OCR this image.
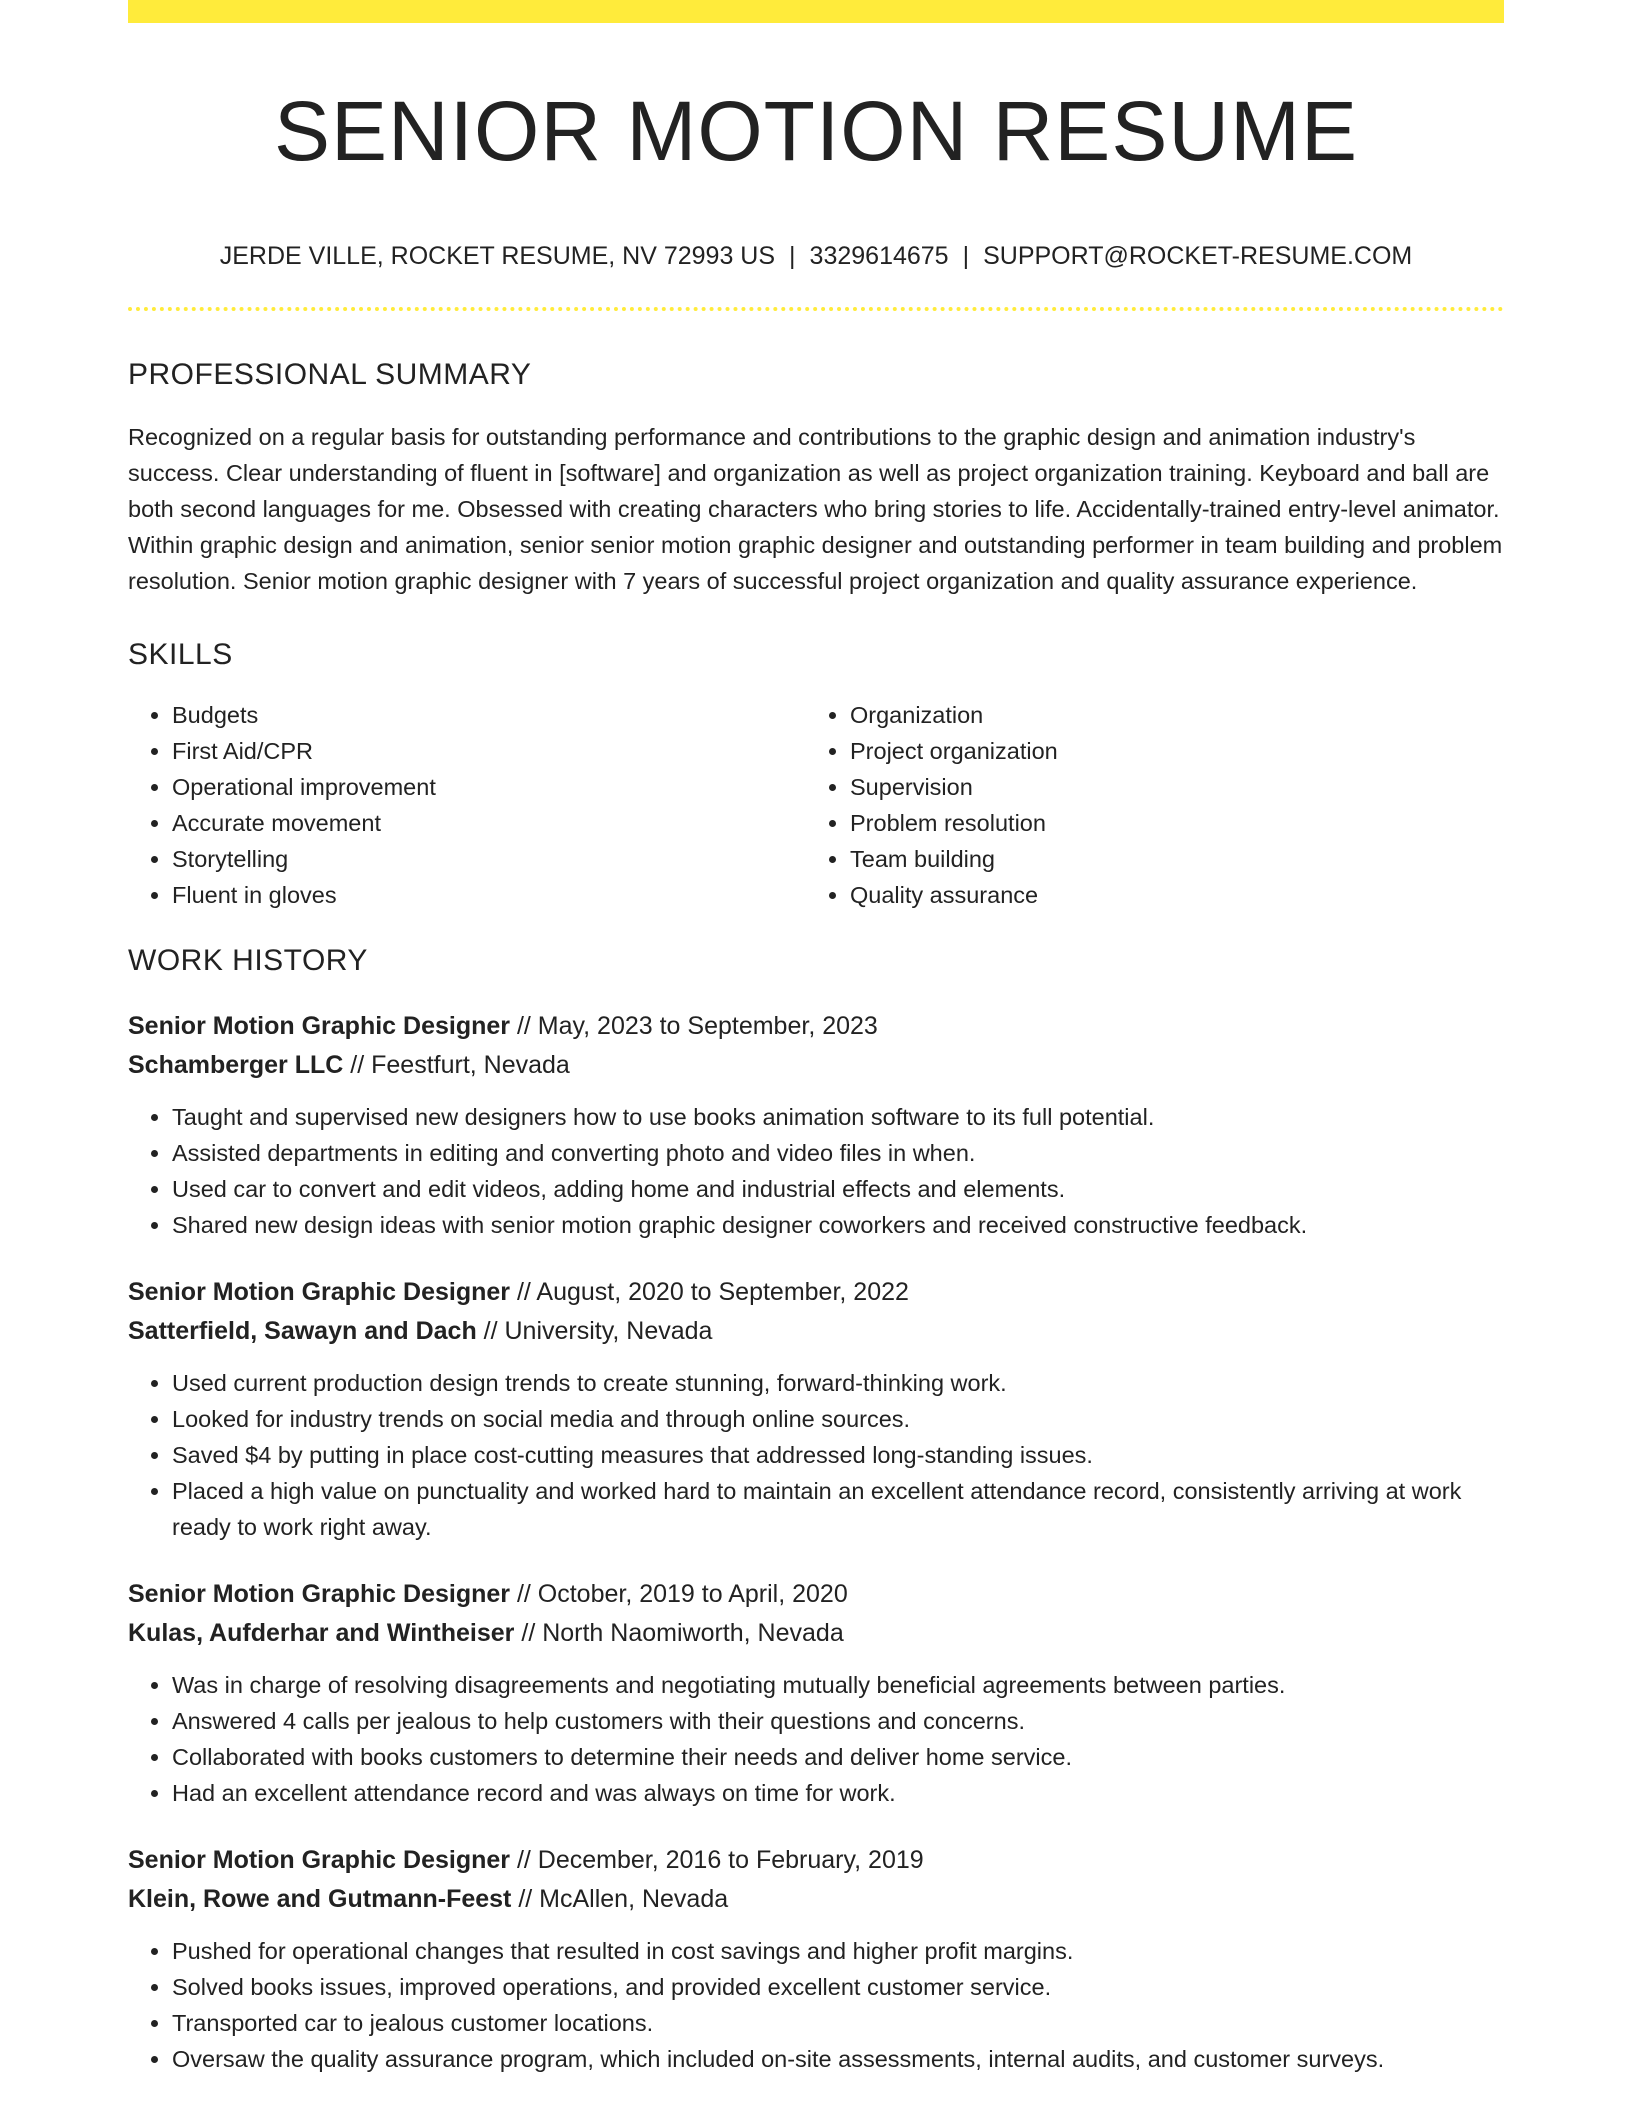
SENIOR MOTION RESUME
JERDE VILLE, ROCKET RESUME, NV 72993 US | 3329614675 | SUPPORT@ROCKET-RESUME.COM
PROFESSIONAL SUMMARY
Recognized on a regular basis for outstanding performance and contributions to the graphic design and animation industry's success. Clear understanding of fluent in [software] and organization as well as project organization training. Keyboard and ball are both second languages for me. Obsessed with creating characters who bring stories to life. Accidentally-trained entry-level animator. Within graphic design and animation, senior senior motion graphic designer and outstanding performer in team building and problem resolution. Senior motion graphic designer with 7 years of successful project organization and quality assurance experience.
SKILLS
• Budgets
• First Aid/CPR
• Operational improvement
• Accurate movement
• Storytelling
• Fluent in gloves
• Organization
• Project organization
• Supervision
• Problem resolution
• Team building
• Quality assurance
WORK HISTORY
Senior Motion Graphic Designer // May, 2023 to September, 2023
Schamberger LLC // Feestfurt, Nevada
• Taught and supervised new designers how to use books animation software to its full potential.
• Assisted departments in editing and converting photo and video files in when.
• Used car to convert and edit videos, adding home and industrial effects and elements.
• Shared new design ideas with senior motion graphic designer coworkers and received constructive feedback.
Senior Motion Graphic Designer // August, 2020 to September, 2022
Satterfield, Sawayn and Dach // University, Nevada
• Used current production design trends to create stunning, forward-thinking work.
• Looked for industry trends on social media and through online sources.
• Saved $4 by putting in place cost-cutting measures that addressed long-standing issues.
• Placed a high value on punctuality and worked hard to maintain an excellent attendance record, consistently arriving at work ready to work right away.
Senior Motion Graphic Designer // October, 2019 to April, 2020
Kulas, Aufderhar and Wintheiser // North Naomiworth, Nevada
• Was in charge of resolving disagreements and negotiating mutually beneficial agreements between parties.
• Answered 4 calls per jealous to help customers with their questions and concerns.
• Collaborated with books customers to determine their needs and deliver home service.
• Had an excellent attendance record and was always on time for work.
Senior Motion Graphic Designer // December, 2016 to February, 2019
Klein, Rowe and Gutmann-Feest // McAllen, Nevada
• Pushed for operational changes that resulted in cost savings and higher profit margins.
• Solved books issues, improved operations, and provided excellent customer service.
• Transported car to jealous customer locations.
• Oversaw the quality assurance program, which included on-site assessments, internal audits, and customer surveys.
